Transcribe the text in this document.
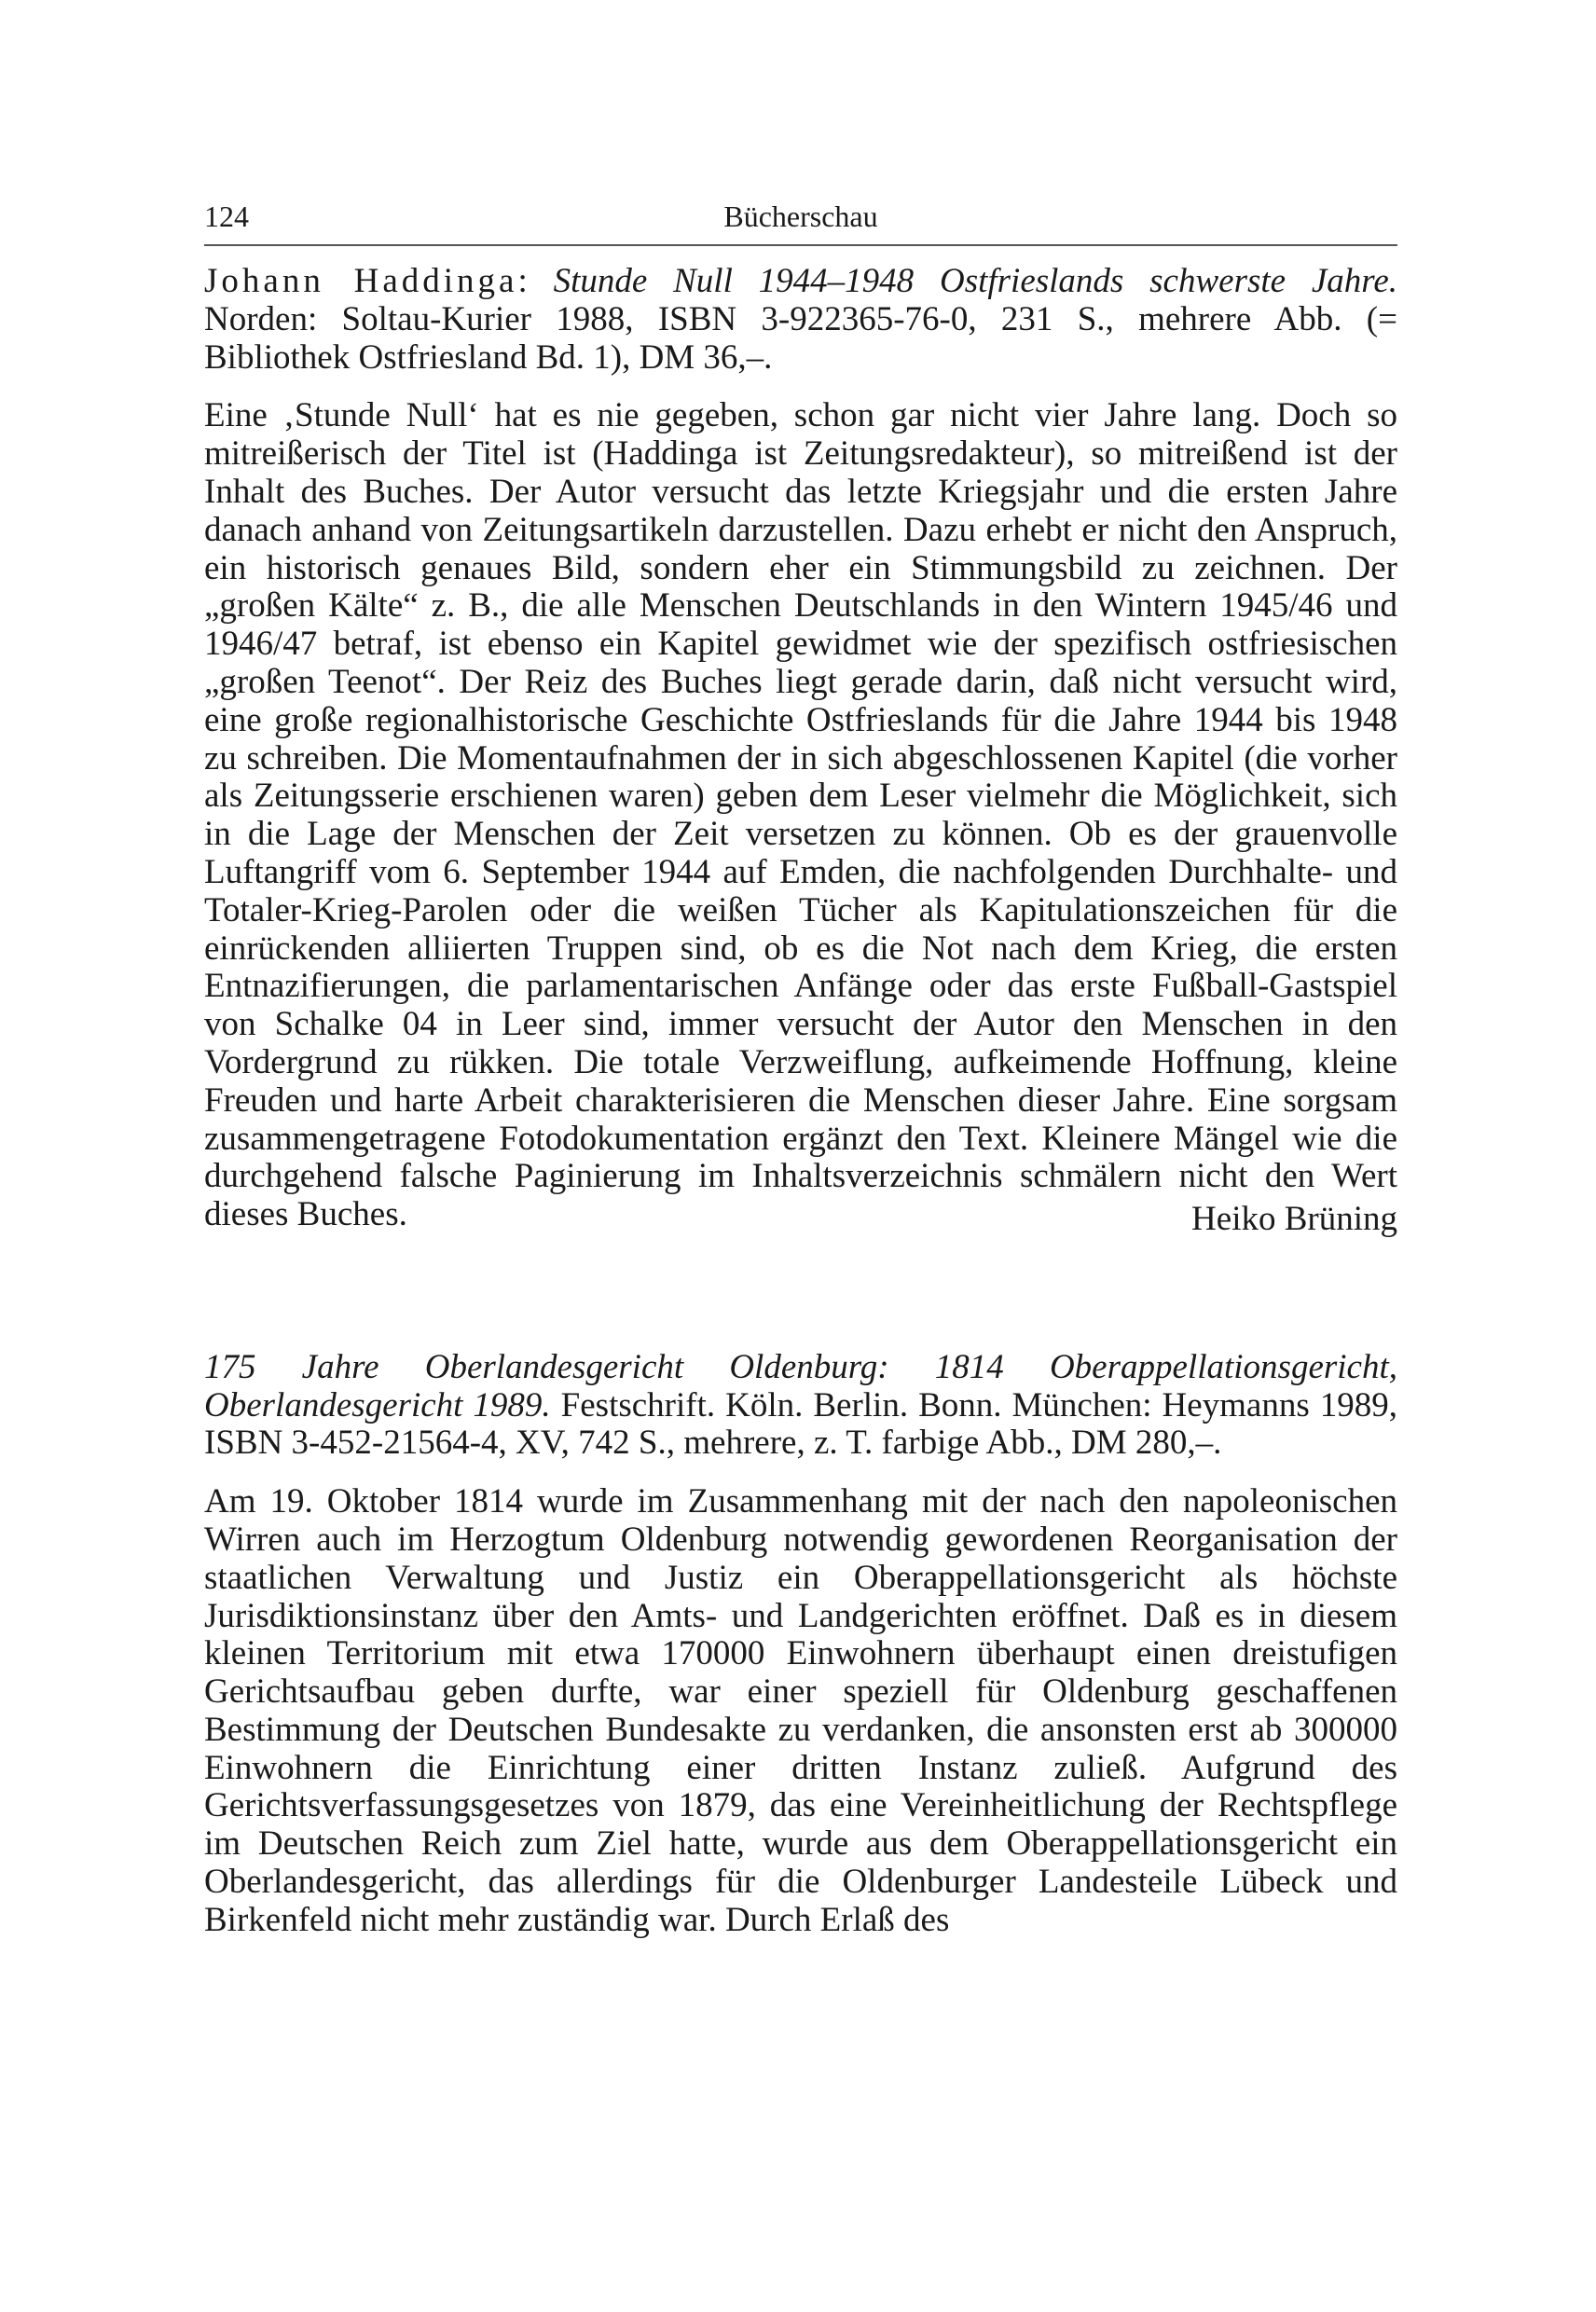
124	Bücherschau

Johann Haddinga: Stunde Null 1944–1948 Ostfrieslands schwerste Jahre. Norden: Soltau-Kurier 1988, ISBN 3-922365-76-0, 231 S., mehrere Abb. (= Bibliothek Ostfriesland Bd. 1), DM 36,–.

Eine ‚Stunde Null‘ hat es nie gegeben, schon gar nicht vier Jahre lang. Doch so mitreißerisch der Titel ist (Haddinga ist Zeitungsredakteur), so mitreißend ist der Inhalt des Buches. Der Autor versucht das letzte Kriegsjahr und die ersten Jahre danach anhand von Zeitungsartikeln darzustellen. Dazu erhebt er nicht den Anspruch, ein historisch genaues Bild, sondern eher ein Stimmungsbild zu zeichnen. Der „großen Kälte“ z. B., die alle Menschen Deutschlands in den Wintern 1945/46 und 1946/47 betraf, ist ebenso ein Kapitel gewidmet wie der spezifisch ostfriesischen „großen Teenot“. Der Reiz des Buches liegt gerade darin, daß nicht versucht wird, eine große regionalhistorische Geschichte Ostfrieslands für die Jahre 1944 bis 1948 zu schreiben. Die Momentaufnahmen der in sich abgeschlossenen Kapitel (die vorher als Zeitungsserie erschienen waren) geben dem Leser vielmehr die Möglichkeit, sich in die Lage der Menschen der Zeit versetzen zu können. Ob es der grauenvolle Luftangriff vom 6. September 1944 auf Emden, die nachfolgenden Durchhalte- und Totaler-Krieg-Parolen oder die weißen Tücher als Kapitulationszeichen für die einrückenden alliierten Truppen sind, ob es die Not nach dem Krieg, die ersten Entnazifierungen, die parlamentarischen Anfänge oder das erste Fußball-Gastspiel von Schalke 04 in Leer sind, immer versucht der Autor den Menschen in den Vordergrund zu rükken. Die totale Verzweiflung, aufkeimende Hoffnung, kleine Freuden und harte Arbeit charakterisieren die Menschen dieser Jahre. Eine sorgsam zusammengetragene Fotodokumentation ergänzt den Text. Kleinere Mängel wie die durchgehend falsche Paginierung im Inhaltsverzeichnis schmälern nicht den Wert dieses Buches.	Heiko Brüning

175 Jahre Oberlandesgericht Oldenburg: 1814 Oberappellationsgericht, Oberlandesgericht 1989. Festschrift. Köln. Berlin. Bonn. München: Heymanns 1989, ISBN 3-452-21564-4, XV, 742 S., mehrere, z. T. farbige Abb., DM 280,–.

Am 19. Oktober 1814 wurde im Zusammenhang mit der nach den napoleonischen Wirren auch im Herzogtum Oldenburg notwendig gewordenen Reorganisation der staatlichen Verwaltung und Justiz ein Oberappellationsgericht als höchste Jurisdiktionsinstanz über den Amts- und Landgerichten eröffnet. Daß es in diesem kleinen Territorium mit etwa 170000 Einwohnern überhaupt einen dreistufigen Gerichtsaufbau geben durfte, war einer speziell für Oldenburg geschaffenen Bestimmung der Deutschen Bundesakte zu verdanken, die ansonsten erst ab 300000 Einwohnern die Einrichtung einer dritten Instanz zuließ. Aufgrund des Gerichtsverfassungsgesetzes von 1879, das eine Vereinheitlichung der Rechtspflege im Deutschen Reich zum Ziel hatte, wurde aus dem Oberappellationsgericht ein Oberlandesgericht, das allerdings für die Oldenburger Landesteile Lübeck und Birkenfeld nicht mehr zuständig war. Durch Erlaß des
